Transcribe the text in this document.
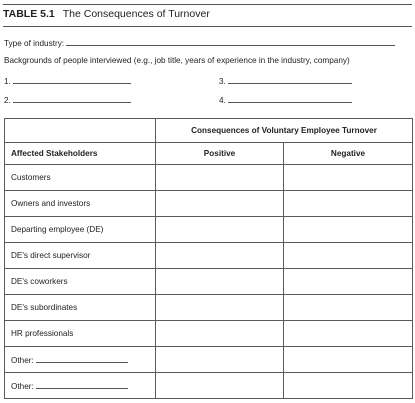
TABLE 5.1 The Consequences of Turnover
Type of industry:
Backgrounds of people interviewed (e.g., job title, years of experience in the industry, company)
1.	3.
2.	4.
	Consequences of Voluntary Employee Turnover	
Affected Stakeholders	Positive	Negative
Customers		
Owners and investors		
Departing employee (DE)		
DE's direct supervisor		
DE's coworkers		
DE's subordinates		
HR professionals		
Other:		
Other:		
